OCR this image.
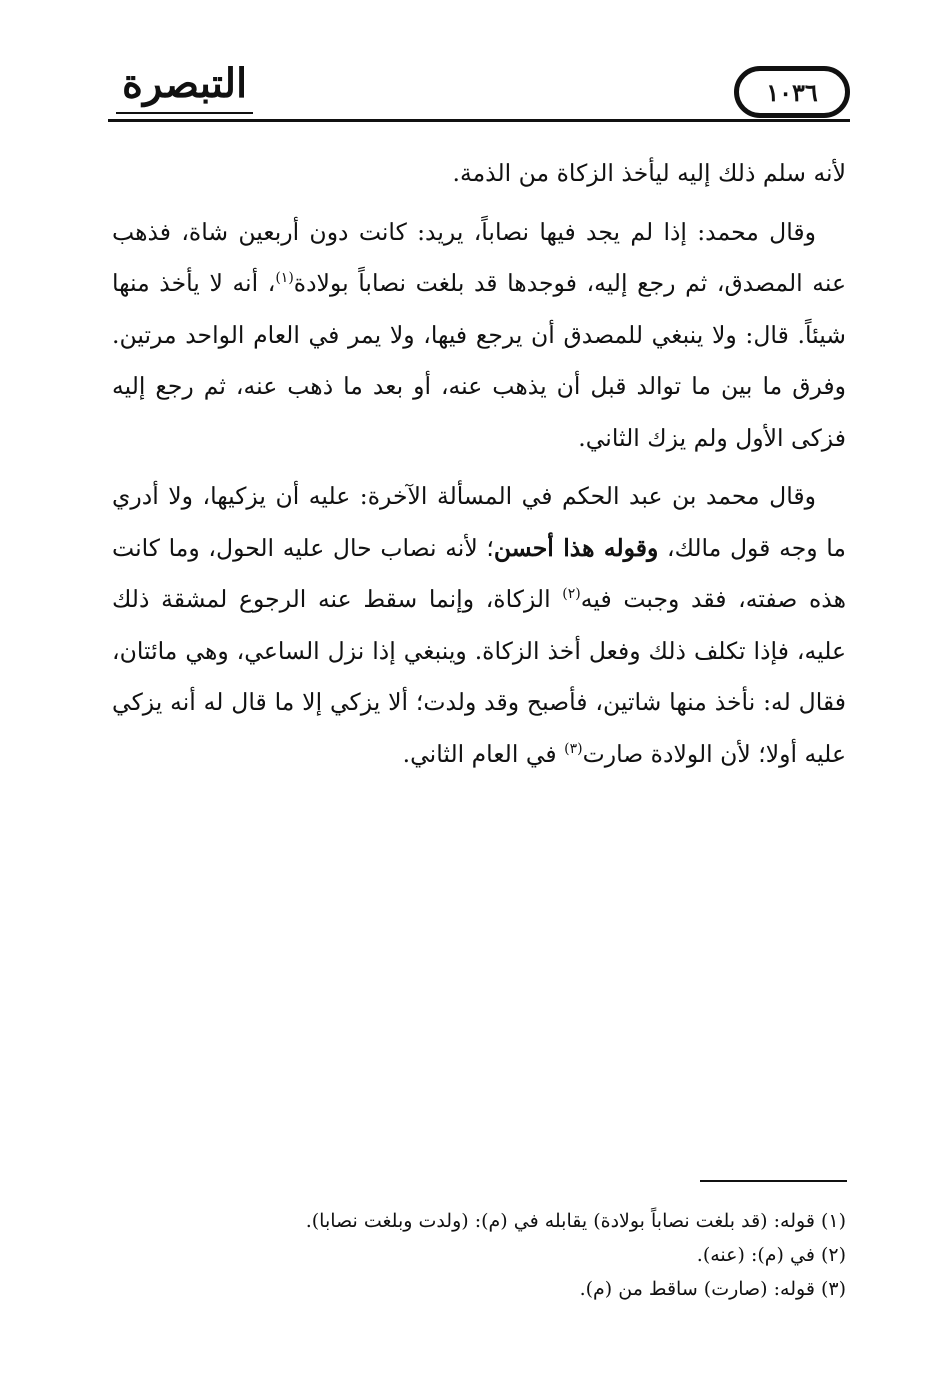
التبصرة	١٠٣٦

لأنه سلم ذلك إليه ليأخذ الزكاة من الذمة.

وقال محمد: إذا لم يجد فيها نصاباً، يريد: كانت دون أربعين شاة، فذهب عنه المصدق، ثم رجع إليه، فوجدها قد بلغت نصاباً بولادة$^{(١)}$، أنه لا يأخذ منها شيئاً. قال: ولا ينبغي للمصدق أن يرجع فيها، ولا يمر في العام الواحد مرتين. وفرق ما بين ما توالد قبل أن يذهب عنه، أو بعد ما ذهب عنه، ثم رجع إليه فزكى الأول ولم يزك الثاني.

وقال محمد بن عبد الحكم في المسألة الآخرة: عليه أن يزكيها، ولا أدري ما وجه قول مالك، وقوله هذا أحسن؛ لأنه نصاب حال عليه الحول، وما كانت هذه صفته، فقد وجبت فيه$^{(٢)}$ الزكاة، وإنما سقط عنه الرجوع لمشقة ذلك عليه، فإذا تكلف ذلك وفعل أخذ الزكاة. وينبغي إذا نزل الساعي، وهي مائتان، فقال له: نأخذ منها شاتين، فأصبح وقد ولدت؛ ألا يزكي إلا ما قال له أنه يزكي عليه أولا؛ لأن الولادة صارت$^{(٣)}$ في العام الثاني.

(١) قوله: (قد بلغت نصاباً بولادة) يقابله في (م): (ولدت وبلغت نصابا).

(٢) في (م): (عنه).

(٣) قوله: (صارت) ساقط من (م).
